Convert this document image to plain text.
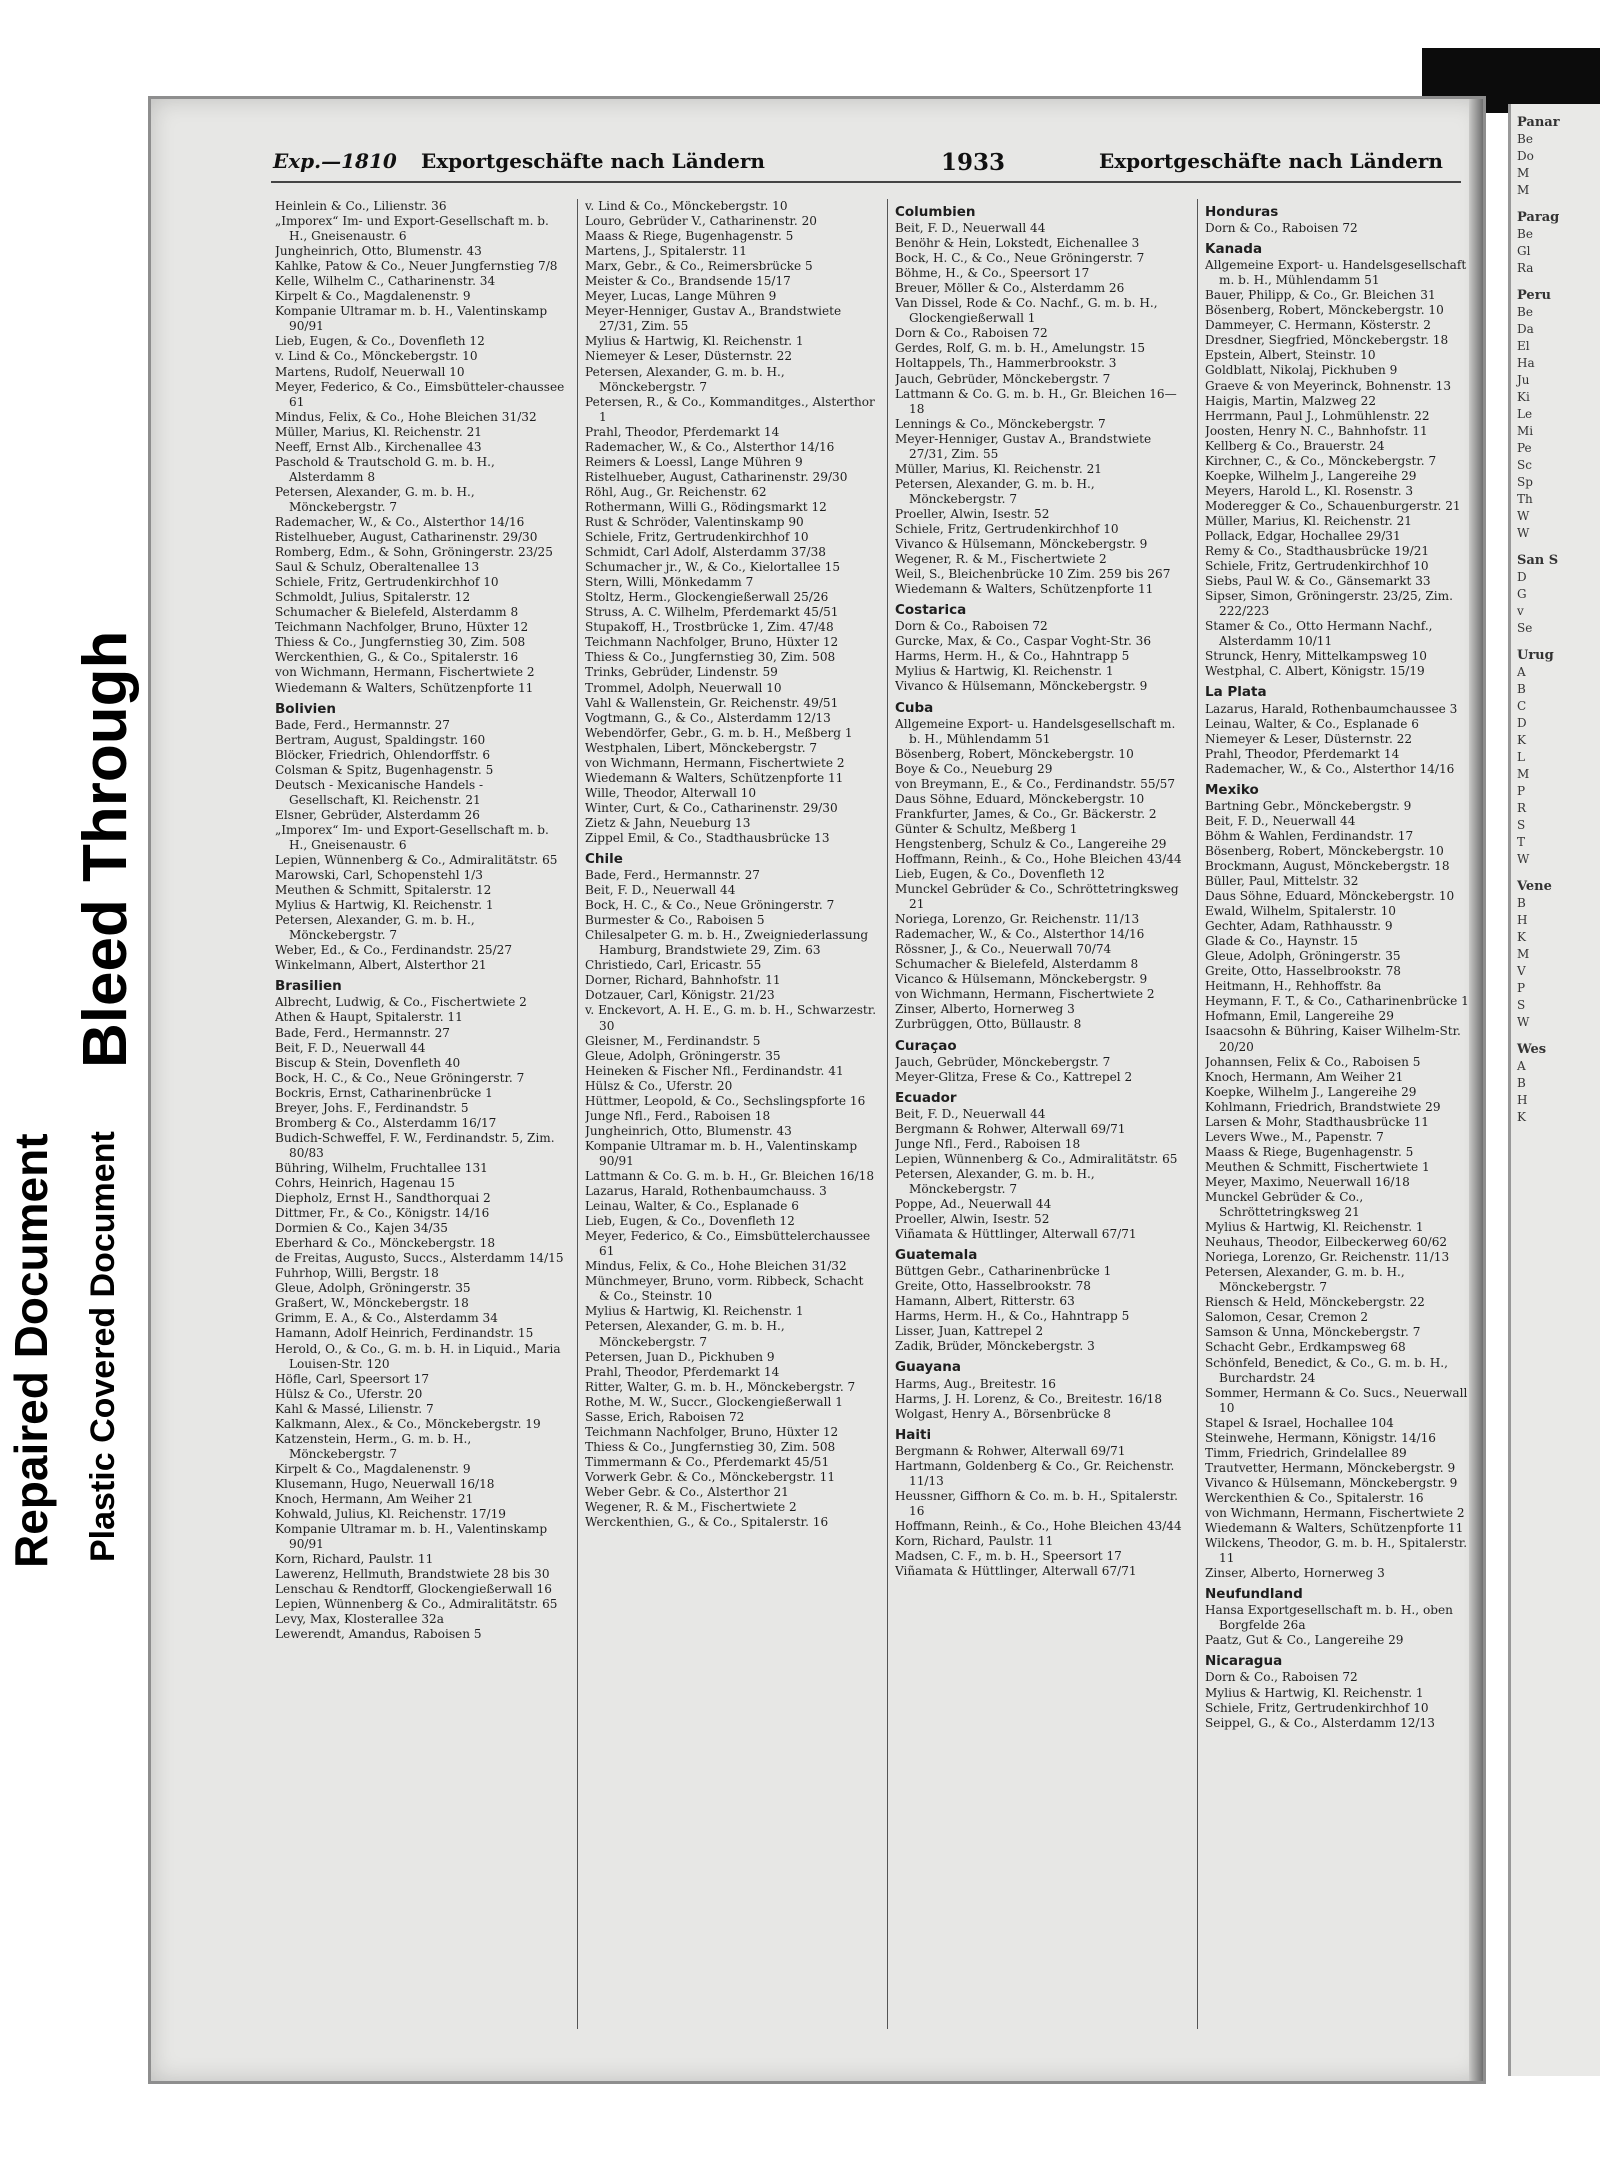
Repaired Document Plastic Covered Document
Bleed Through
Exp.—1810 Exportgeschäfte nach Ländern	1933	Exportgeschäfte nach Ländern
Heinlein & Co., Lilienstr. 36
„Imporex“ Im- und Export-Gesellschaft m. b. H., Gneisenaustr. 6
Jungheinrich, Otto, Blumenstr. 43
Kahlke, Patow & Co., Neuer Jungfernstieg 7/8
Kelle, Wilhelm C., Catharinenstr. 34
Kirpelt & Co., Magdalenenstr. 9
Kompanie Ultramar m. b. H., Valentinskamp 90/91
Lieb, Eugen, & Co., Dovenfleth 12
v. Lind & Co., Mönckebergstr. 10
Martens, Rudolf, Neuerwall 10
Meyer, Federico, & Co., Eimsbütteler-chaussee 61
Mindus, Felix, & Co., Hohe Bleichen 31/32
Müller, Marius, Kl. Reichenstr. 21
Neeff, Ernst Alb., Kirchenallee 43
Paschold & Trautschold G. m. b. H., Alsterdamm 8
Petersen, Alexander, G. m. b. H., Mönckebergstr. 7
Rademacher, W., & Co., Alsterthor 14/16
Ristelhueber, August, Catharinenstr. 29/30
Romberg, Edm., & Sohn, Gröningerstr. 23/25
Saul & Schulz, Oberaltenallee 13
Schiele, Fritz, Gertrudenkirchhof 10
Schmoldt, Julius, Spitalerstr. 12
Schumacher & Bielefeld, Alsterdamm 8
Teichmann Nachfolger, Bruno, Hüxter 12
Thiess & Co., Jungfernstieg 30, Zim. 508
Werckenthien, G., & Co., Spitalerstr. 16
von Wichmann, Hermann, Fischertwiete 2
Wiedemann & Walters, Schützenpforte 11
Bolivien
Bade, Ferd., Hermannstr. 27
Bertram, August, Spaldingstr. 160
Blöcker, Friedrich, Ohlendorffstr. 6
Colsman & Spitz, Bugenhagenstr. 5
Deutsch - Mexicanische Handels - Gesellschaft, Kl. Reichenstr. 21
Elsner, Gebrüder, Alsterdamm 26
„Imporex“ Im- und Export-Gesellschaft m. b. H., Gneisenaustr. 6
Lepien, Wünnenberg & Co., Admiralitätstr. 65
Marowski, Carl, Schopenstehl 1/3
Meuthen & Schmitt, Spitalerstr. 12
Mylius & Hartwig, Kl. Reichenstr. 1
Petersen, Alexander, G. m. b. H., Mönckebergstr. 7
Weber, Ed., & Co., Ferdinandstr. 25/27
Winkelmann, Albert, Alsterthor 21
Brasilien
Albrecht, Ludwig, & Co., Fischertwiete 2
Athen & Haupt, Spitalerstr. 11
Bade, Ferd., Hermannstr. 27
Beit, F. D., Neuerwall 44
Biscup & Stein, Dovenfleth 40
Bock, H. C., & Co., Neue Gröningerstr. 7
Bockris, Ernst, Catharinenbrücke 1
Breyer, Johs. F., Ferdinandstr. 5
Bromberg & Co., Alsterdamm 16/17
Budich-Schweffel, F. W., Ferdinandstr. 5, Zim. 80/83
Bühring, Wilhelm, Fruchtallee 131
Cohrs, Heinrich, Hagenau 15
Diepholz, Ernst H., Sandthorquai 2
Dittmer, Fr., & Co., Königstr. 14/16
Dormien & Co., Kajen 34/35
Eberhard & Co., Mönckebergstr. 18
de Freitas, Augusto, Succs., Alsterdamm 14/15
Fuhrhop, Willi, Bergstr. 18
Gleue, Adolph, Gröningerstr. 35
Graßert, W., Mönckebergstr. 18
Grimm, E. A., & Co., Alsterdamm 34
Hamann, Adolf Heinrich, Ferdinandstr. 15
Herold, O., & Co., G. m. b. H. in Liquid., Maria Louisen-Str. 120
Höfle, Carl, Speersort 17
Hülsz & Co., Uferstr. 20
Kahl & Massé, Lilienstr. 7
Kalkmann, Alex., & Co., Mönckebergstr. 19
Katzenstein, Herm., G. m. b. H., Mönckebergstr. 7
Kirpelt & Co., Magdalenenstr. 9
Klusemann, Hugo, Neuerwall 16/18
Knoch, Hermann, Am Weiher 21
Kohwald, Julius, Kl. Reichenstr. 17/19
Kompanie Ultramar m. b. H., Valentinskamp 90/91
Korn, Richard, Paulstr. 11
Lawerenz, Hellmuth, Brandstwiete 28 bis 30
Lenschau & Rendtorff, Glockengießerwall 16
Lepien, Wünnenberg & Co., Admiralitätstr. 65
Levy, Max, Klosterallee 32a
Lewerendt, Amandus, Raboisen 5
v. Lind & Co., Mönckebergstr. 10
Louro, Gebrüder V., Catharinenstr. 20
Maass & Riege, Bugenhagenstr. 5
Martens, J., Spitalerstr. 11
Marx, Gebr., & Co., Reimersbrücke 5
Meister & Co., Brandsende 15/17
Meyer, Lucas, Lange Mühren 9
Meyer-Henniger, Gustav A., Brandstwiete 27/31, Zim. 55
Mylius & Hartwig, Kl. Reichenstr. 1
Niemeyer & Leser, Düsternstr. 22
Petersen, Alexander, G. m. b. H., Mönckebergstr. 7
Petersen, R., & Co., Kommanditges., Alsterthor 1
Prahl, Theodor, Pferdemarkt 14
Rademacher, W., & Co., Alsterthor 14/16
Reimers & Loessl, Lange Mühren 9
Ristelhueber, August, Catharinenstr. 29/30
Röhl, Aug., Gr. Reichenstr. 62
Rothermann, Willi G., Rödingsmarkt 12
Rust & Schröder, Valentinskamp 90
Schiele, Fritz, Gertrudenkirchhof 10
Schmidt, Carl Adolf, Alsterdamm 37/38
Schumacher jr., W., & Co., Kielortallee 15
Stern, Willi, Mönkedamm 7
Stoltz, Herm., Glockengießerwall 25/26
Struss, A. C. Wilhelm, Pferdemarkt 45/51
Stupakoff, H., Trostbrücke 1, Zim. 47/48
Teichmann Nachfolger, Bruno, Hüxter 12
Thiess & Co., Jungfernstieg 30, Zim. 508
Trinks, Gebrüder, Lindenstr. 59
Trommel, Adolph, Neuerwall 10
Vahl & Wallenstein, Gr. Reichenstr. 49/51
Vogtmann, G., & Co., Alsterdamm 12/13
Webendörfer, Gebr., G. m. b. H., Meßberg 1
Westphalen, Libert, Mönckebergstr. 7
von Wichmann, Hermann, Fischertwiete 2
Wiedemann & Walters, Schützenpforte 11
Wille, Theodor, Alterwall 10
Winter, Curt, & Co., Catharinenstr. 29/30
Zietz & Jahn, Neueburg 13
Zippel Emil, & Co., Stadthausbrücke 13
Chile
Bade, Ferd., Hermannstr. 27
Beit, F. D., Neuerwall 44
Bock, H. C., & Co., Neue Gröningerstr. 7
Burmester & Co., Raboisen 5
Chilesalpeter G. m. b. H., Zweigniederlassung Hamburg, Brandstwiete 29, Zim. 63
Christiedo, Carl, Ericastr. 55
Dorner, Richard, Bahnhofstr. 11
Dotzauer, Carl, Königstr. 21/23
v. Enckevort, A. H. E., G. m. b. H., Schwarzestr. 30
Gleisner, M., Ferdinandstr. 5
Gleue, Adolph, Gröningerstr. 35
Heineken & Fischer Nfl., Ferdinandstr. 41
Hülsz & Co., Uferstr. 20
Hüttmer, Leopold, & Co., Sechslingspforte 16
Junge Nfl., Ferd., Raboisen 18
Jungheinrich, Otto, Blumenstr. 43
Kompanie Ultramar m. b. H., Valentinskamp 90/91
Lattmann & Co. G. m. b. H., Gr. Bleichen 16/18
Lazarus, Harald, Rothenbaumchauss. 3
Leinau, Walter, & Co., Esplanade 6
Lieb, Eugen, & Co., Dovenfleth 12
Meyer, Federico, & Co., Eimsbüttelerchaussee 61
Mindus, Felix, & Co., Hohe Bleichen 31/32
Münchmeyer, Bruno, vorm. Ribbeck, Schacht & Co., Steinstr. 10
Mylius & Hartwig, Kl. Reichenstr. 1
Petersen, Alexander, G. m. b. H., Mönckebergstr. 7
Petersen, Juan D., Pickhuben 9
Prahl, Theodor, Pferdemarkt 14
Ritter, Walter, G. m. b. H., Mönckebergstr. 7
Rothe, M. W., Succr., Glockengießerwall 1
Sasse, Erich, Raboisen 72
Teichmann Nachfolger, Bruno, Hüxter 12
Thiess & Co., Jungfernstieg 30, Zim. 508
Timmermann & Co., Pferdemarkt 45/51
Vorwerk Gebr. & Co., Mönckebergstr. 11
Weber Gebr. & Co., Alsterthor 21
Wegener, R. & M., Fischertwiete 2
Werckenthien, G., & Co., Spitalerstr. 16
Columbien
Beit, F. D., Neuerwall 44
Benöhr & Hein, Lokstedt, Eichenallee 3
Bock, H. C., & Co., Neue Gröningerstr. 7
Böhme, H., & Co., Speersort 17
Breuer, Möller & Co., Alsterdamm 26
Van Dissel, Rode & Co. Nachf., G. m. b. H., Glockengießerwall 1
Dorn & Co., Raboisen 72
Gerdes, Rolf, G. m. b. H., Amelungstr. 15
Holtappels, Th., Hammerbrookstr. 3
Jauch, Gebrüder, Mönckebergstr. 7
Lattmann & Co. G. m. b. H., Gr. Bleichen 16—18
Lennings & Co., Mönckebergstr. 7
Meyer-Henniger, Gustav A., Brandstwiete 27/31, Zim. 55
Müller, Marius, Kl. Reichenstr. 21
Petersen, Alexander, G. m. b. H., Mönckebergstr. 7
Proeller, Alwin, Isestr. 52
Schiele, Fritz, Gertrudenkirchhof 10
Vivanco & Hülsemann, Mönckebergstr. 9
Wegener, R. & M., Fischertwiete 2
Weil, S., Bleichenbrücke 10 Zim. 259 bis 267
Wiedemann & Walters, Schützenpforte 11
Costarica
Dorn & Co., Raboisen 72
Gurcke, Max, & Co., Caspar Voght-Str. 36
Harms, Herm. H., & Co., Hahntrapp 5
Mylius & Hartwig, Kl. Reichenstr. 1
Vivanco & Hülsemann, Mönckebergstr. 9
Cuba
Allgemeine Export- u. Handelsgesellschaft m. b. H., Mühlendamm 51
Bösenberg, Robert, Mönckebergstr. 10
Boye & Co., Neueburg 29
von Breymann, E., & Co., Ferdinandstr. 55/57
Daus Söhne, Eduard, Mönckebergstr. 10
Frankfurter, James, & Co., Gr. Bäckerstr. 2
Günter & Schultz, Meßberg 1
Hengstenberg, Schulz & Co., Langereihe 29
Hoffmann, Reinh., & Co., Hohe Bleichen 43/44
Lieb, Eugen, & Co., Dovenfleth 12
Munckel Gebrüder & Co., Schröttetringksweg 21
Noriega, Lorenzo, Gr. Reichenstr. 11/13
Rademacher, W., & Co., Alsterthor 14/16
Rössner, J., & Co., Neuerwall 70/74
Schumacher & Bielefeld, Alsterdamm 8
Vicanco & Hülsemann, Mönckebergstr. 9
von Wichmann, Hermann, Fischertwiete 2
Zinser, Alberto, Hornerweg 3
Zurbrüggen, Otto, Büllaustr. 8
Curaçao
Jauch, Gebrüder, Mönckebergstr. 7
Meyer-Glitza, Frese & Co., Kattrepel 2
Ecuador
Beit, F. D., Neuerwall 44
Bergmann & Rohwer, Alterwall 69/71
Junge Nfl., Ferd., Raboisen 18
Lepien, Wünnenberg & Co., Admiralitätstr. 65
Petersen, Alexander, G. m. b. H., Mönckebergstr. 7
Poppe, Ad., Neuerwall 44
Proeller, Alwin, Isestr. 52
Viñamata & Hüttlinger, Alterwall 67/71
Guatemala
Büttgen Gebr., Catharinenbrücke 1
Greite, Otto, Hasselbrookstr. 78
Hamann, Albert, Ritterstr. 63
Harms, Herm. H., & Co., Hahntrapp 5
Lisser, Juan, Kattrepel 2
Zadik, Brüder, Mönckebergstr. 3
Guayana
Harms, Aug., Breitestr. 16
Harms, J. H. Lorenz, & Co., Breitestr. 16/18
Wolgast, Henry A., Börsenbrücke 8
Haiti
Bergmann & Rohwer, Alterwall 69/71
Hartmann, Goldenberg & Co., Gr. Reichenstr. 11/13
Heussner, Giffhorn & Co. m. b. H., Spitalerstr. 16
Hoffmann, Reinh., & Co., Hohe Bleichen 43/44
Korn, Richard, Paulstr. 11
Madsen, C. F., m. b. H., Speersort 17
Viñamata & Hüttlinger, Alterwall 67/71
Honduras
Dorn & Co., Raboisen 72
Kanada
Allgemeine Export- u. Handelsgesellschaft m. b. H., Mühlendamm 51
Bauer, Philipp, & Co., Gr. Bleichen 31
Bösenberg, Robert, Mönckebergstr. 10
Dammeyer, C. Hermann, Kösterstr. 2
Dresdner, Siegfried, Mönckebergstr. 18
Epstein, Albert, Steinstr. 10
Goldblatt, Nikolaj, Pickhuben 9
Graeve & von Meyerinck, Bohnenstr. 13
Haigis, Martin, Malzweg 22
Herrmann, Paul J., Lohmühlenstr. 22
Joosten, Henry N. C., Bahnhofstr. 11
Kellberg & Co., Brauerstr. 24
Kirchner, C., & Co., Mönckebergstr. 7
Koepke, Wilhelm J., Langereihe 29
Meyers, Harold L., Kl. Rosenstr. 3
Moderegger & Co., Schauenburgerstr. 21
Müller, Marius, Kl. Reichenstr. 21
Pollack, Edgar, Hochallee 29/31
Remy & Co., Stadthausbrücke 19/21
Schiele, Fritz, Gertrudenkirchhof 10
Siebs, Paul W. & Co., Gänsemarkt 33
Sipser, Simon, Gröningerstr. 23/25, Zim. 222/223
Stamer & Co., Otto Hermann Nachf., Alsterdamm 10/11
Strunck, Henry, Mittelkampsweg 10
Westphal, C. Albert, Königstr. 15/19
La Plata
Lazarus, Harald, Rothenbaumchaussee 3
Leinau, Walter, & Co., Esplanade 6
Niemeyer & Leser, Düsternstr. 22
Prahl, Theodor, Pferdemarkt 14
Rademacher, W., & Co., Alsterthor 14/16
Mexiko
Bartning Gebr., Mönckebergstr. 9
Beit, F. D., Neuerwall 44
Böhm & Wahlen, Ferdinandstr. 17
Bösenberg, Robert, Mönckebergstr. 10
Brockmann, August, Mönckebergstr. 18
Büller, Paul, Mittelstr. 32
Daus Söhne, Eduard, Mönckebergstr. 10
Ewald, Wilhelm, Spitalerstr. 10
Gechter, Adam, Rathhausstr. 9
Glade & Co., Haynstr. 15
Gleue, Adolph, Gröningerstr. 35
Greite, Otto, Hasselbrookstr. 78
Heitmann, H., Rehhoffstr. 8a
Heymann, F. T., & Co., Catharinenbrücke 1
Hofmann, Emil, Langereihe 29
Isaacsohn & Bühring, Kaiser Wilhelm-Str. 20/20
Johannsen, Felix & Co., Raboisen 5
Knoch, Hermann, Am Weiher 21
Koepke, Wilhelm J., Langereihe 29
Kohlmann, Friedrich, Brandstwiete 29
Larsen & Mohr, Stadthausbrücke 11
Levers Wwe., M., Papenstr. 7
Maass & Riege, Bugenhagenstr. 5
Meuthen & Schmitt, Fischertwiete 1
Meyer, Maximo, Neuerwall 16/18
Munckel Gebrüder & Co., Schröttetringksweg 21
Mylius & Hartwig, Kl. Reichenstr. 1
Neuhaus, Theodor, Eilbeckerweg 60/62
Noriega, Lorenzo, Gr. Reichenstr. 11/13
Petersen, Alexander, G. m. b. H., Mönckebergstr. 7
Riensch & Held, Mönckebergstr. 22
Salomon, Cesar, Cremon 2
Samson & Unna, Mönckebergstr. 7
Schacht Gebr., Erdkampsweg 68
Schönfeld, Benedict, & Co., G. m. b. H., Burchardstr. 24
Sommer, Hermann & Co. Sucs., Neuerwall 10
Stapel & Israel, Hochallee 104
Steinwehe, Hermann, Königstr. 14/16
Timm, Friedrich, Grindelallee 89
Trautvetter, Hermann, Mönckebergstr. 9
Vivanco & Hülsemann, Mönckebergstr. 9
Werckenthien & Co., Spitalerstr. 16
von Wichmann, Hermann, Fischertwiete 2
Wiedemann & Walters, Schützenpforte 11
Wilckens, Theodor, G. m. b. H., Spitalerstr. 11
Zinser, Alberto, Hornerweg 3
Neufundland
Hansa Exportgesellschaft m. b. H., oben Borgfelde 26a
Paatz, Gut & Co., Langereihe 29
Nicaragua
Dorn & Co., Raboisen 72
Mylius & Hartwig, Kl. Reichenstr. 1
Schiele, Fritz, Gertrudenkirchhof 10
Seippel, G., & Co., Alsterdamm 12/13
Panar
Be
Do
M
M
Parag
Be
Gl
Ra
Peru
Be
Da
El
Ha
Ju
Ki
Le
Mi
Pe
Sc
Sp
Th
W
W
San S
D
G
v
Se
Urug
A
B
C
D
K
L
M
P
R
S
T
W
Vene
B
H
K
M
V
P
S
W
Wes
A
B
H
K
